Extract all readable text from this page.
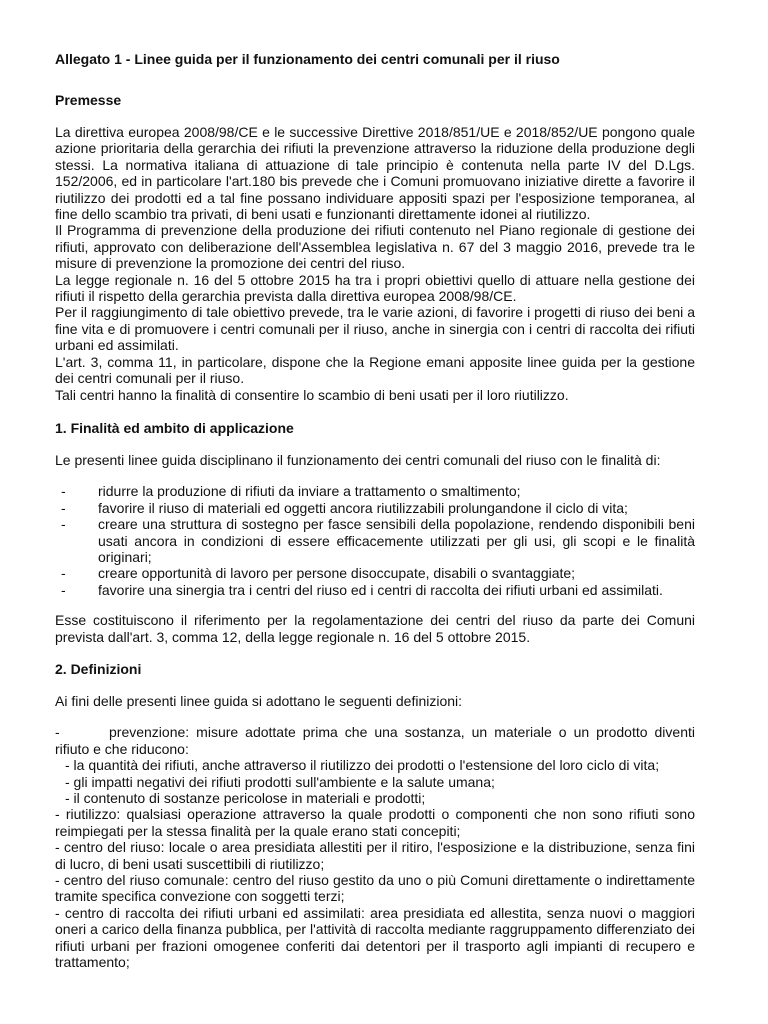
Allegato 1 - Linee guida per il funzionamento dei centri comunali per il riuso
Premesse

La direttiva europea 2008/98/CE e le successive Direttive 2018/851/UE e 2018/852/UE pongono quale azione prioritaria della gerarchia dei rifiuti la prevenzione attraverso la riduzione della produzione degli stessi. La normativa italiana di attuazione di tale principio è contenuta nella parte IV del D.Lgs. 152/2006, ed in particolare l'art.180 bis prevede che i Comuni promuovano iniziative dirette a favorire il riutilizzo dei prodotti ed a tal fine possano individuare appositi spazi per l'esposizione temporanea, al fine dello scambio tra privati, di beni usati e funzionanti direttamente idonei al riutilizzo.

Il Programma di prevenzione della produzione dei rifiuti contenuto nel Piano regionale di gestione dei rifiuti, approvato con deliberazione dell'Assemblea legislativa n. 67 del 3 maggio 2016, prevede tra le misure di prevenzione la promozione dei centri del riuso.

La legge regionale n. 16 del 5 ottobre 2015 ha tra i propri obiettivi quello di attuare nella gestione dei rifiuti il rispetto della gerarchia prevista dalla direttiva europea 2008/98/CE.

Per il raggiungimento di tale obiettivo prevede, tra le varie azioni, di favorire i progetti di riuso dei beni a fine vita e di promuovere i centri comunali per il riuso, anche in sinergia con i centri di raccolta dei rifiuti urbani ed assimilati.

L'art. 3, comma 11, in particolare, dispone che la Regione emani apposite linee guida per la gestione dei centri comunali per il riuso.

Tali centri hanno la finalità di consentire lo scambio di beni usati per il loro riutilizzo.

1. Finalità ed ambito di applicazione

Le presenti linee guida disciplinano il funzionamento dei centri comunali del riuso con le finalità di:

- ridurre la produzione di rifiuti da inviare a trattamento o smaltimento;
- favorire il riuso di materiali ed oggetti ancora riutilizzabili prolungandone il ciclo di vita;
- creare una struttura di sostegno per fasce sensibili della popolazione, rendendo disponibili beni usati ancora in condizioni di essere efficacemente utilizzati per gli usi, gli scopi e le finalità originari;
- creare opportunità di lavoro per persone disoccupate, disabili o svantaggiate;
- favorire una sinergia tra i centri del riuso ed i centri di raccolta dei rifiuti urbani ed assimilati.

Esse costituiscono il riferimento per la regolamentazione dei centri del riuso da parte dei Comuni prevista dall'art. 3, comma 12, della legge regionale n. 16 del 5 ottobre 2015.

2. Definizioni

Ai fini delle presenti linee guida si adottano le seguenti definizioni:

-	prevenzione: misure adottate prima che una sostanza, un materiale o un prodotto diventi rifiuto e che riducono:

- la quantità dei rifiuti, anche attraverso il riutilizzo dei prodotti o l'estensione del loro ciclo di vita;

- gli impatti negativi dei rifiuti prodotti sull'ambiente e la salute umana;

- il contenuto di sostanze pericolose in materiali e prodotti;

- riutilizzo: qualsiasi operazione attraverso la quale prodotti o componenti che non sono rifiuti sono reimpiegati per la stessa finalità per la quale erano stati concepiti;

- centro del riuso: locale o area presidiata allestiti per il ritiro, l'esposizione e la distribuzione, senza fini di lucro, di beni usati suscettibili di riutilizzo;

- centro del riuso comunale: centro del riuso gestito da uno o più Comuni direttamente o indirettamente tramite specifica convezione con soggetti terzi;

- centro di raccolta dei rifiuti urbani ed assimilati: area presidiata ed allestita, senza nuovi o maggiori oneri a carico della finanza pubblica, per l'attività di raccolta mediante raggruppamento differenziato dei rifiuti urbani per frazioni omogenee conferiti dai detentori per il trasporto agli impianti di recupero e trattamento;
